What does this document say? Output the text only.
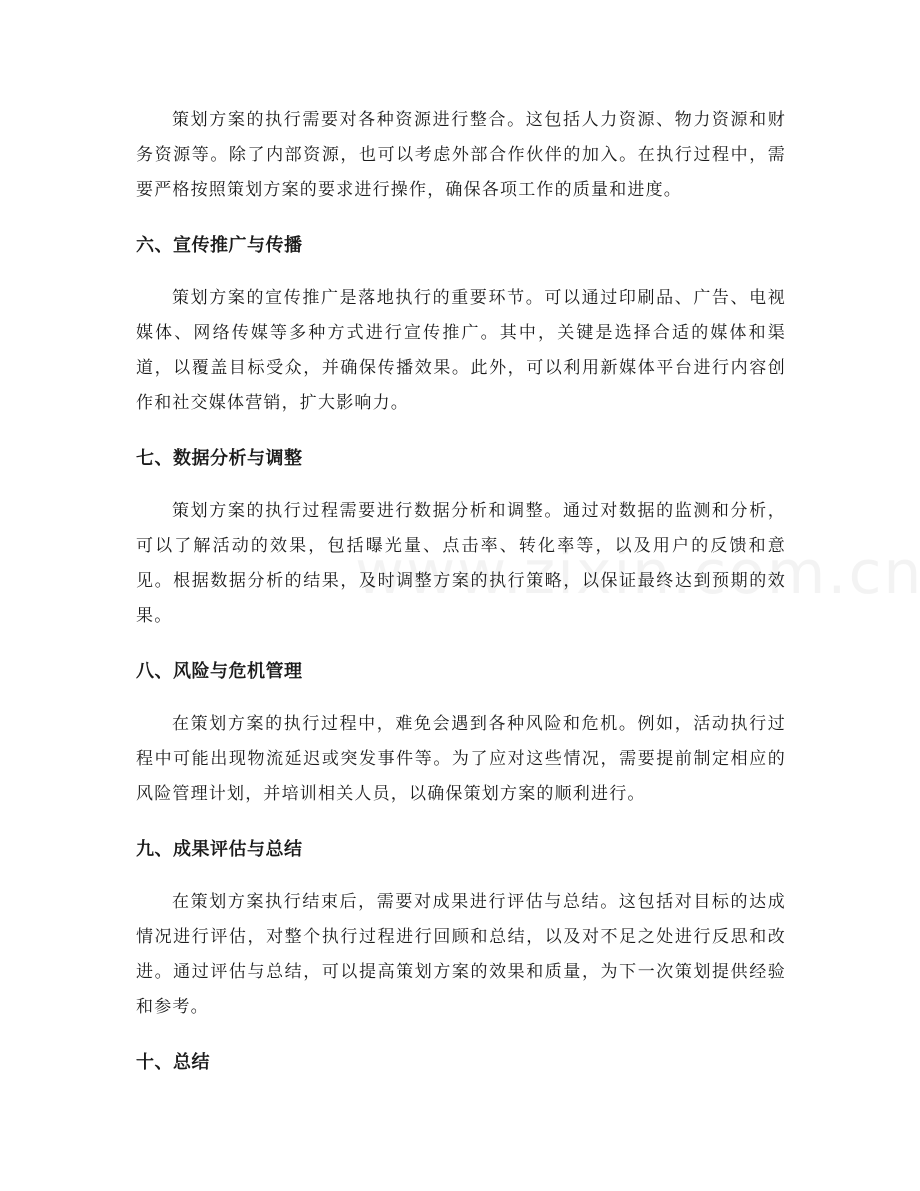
策划方案的执行需要对各种资源进行整合。这包括人力资源、物力资源和财务资源等。除了内部资源，也可以考虑外部合作伙伴的加入。在执行过程中，需要严格按照策划方案的要求进行操作，确保各项工作的质量和进度。

六、宣传推广与传播

策划方案的宣传推广是落地执行的重要环节。可以通过印刷品、广告、电视媒体、网络传媒等多种方式进行宣传推广。其中，关键是选择合适的媒体和渠道，以覆盖目标受众，并确保传播效果。此外，可以利用新媒体平台进行内容创作和社交媒体营销，扩大影响力。

七、数据分析与调整

策划方案的执行过程需要进行数据分析和调整。通过对数据的监测和分析，可以了解活动的效果，包括曝光量、点击率、转化率等，以及用户的反馈和意见。根据数据分析的结果，及时调整方案的执行策略，以保证最终达到预期的效果。

八、风险与危机管理

在策划方案的执行过程中，难免会遇到各种风险和危机。例如，活动执行过程中可能出现物流延迟或突发事件等。为了应对这些情况，需要提前制定相应的风险管理计划，并培训相关人员，以确保策划方案的顺利进行。

九、成果评估与总结

在策划方案执行结束后，需要对成果进行评估与总结。这包括对目标的达成情况进行评估，对整个执行过程进行回顾和总结，以及对不足之处进行反思和改进。通过评估与总结，可以提高策划方案的效果和质量，为下一次策划提供经验和参考。

十、总结
